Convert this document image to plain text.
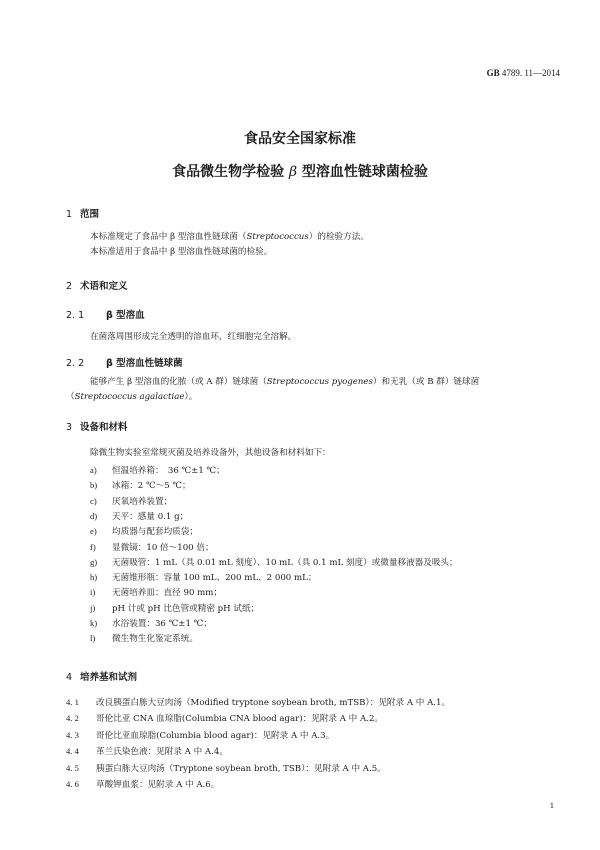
GB 4789. 11—2014
食品安全国家标准
食品微生物学检验 β 型溶血性链球菌检验
1 范围
本标准规定了食品中 β 型溶血性链球菌（Streptococcus）的检验方法。
本标准适用于食品中 β 型溶血性链球菌的检验。
2 术语和定义
2. 1 β 型溶血
在菌落周围形成完全透明的溶血环，红细胞完全溶解。
2. 2 β 型溶血性链球菌
能够产生 β 型溶血的化脓（或 A 群）链球菌（Streptococcus pyogenes）和无乳（或 B 群）链球菌
（Streptococcus agalactiae）。
3 设备和材料
除微生物实验室常规灭菌及培养设备外，其他设备和材料如下：
a) 恒温培养箱：　36 ℃±1 ℃；
b) 冰箱：2 ℃～5 ℃；
c) 厌氧培养装置；
d) 天平：感量 0.1 g；
e) 均质器与配套均质袋；
f) 显微镜：10 倍～100 倍；
g) 无菌吸管：1 mL（具 0.01 mL 刻度）、10 mL（具 0.1 mL 刻度）或微量移液器及吸头；
h) 无菌锥形瓶：容量 100 mL、200 mL、2 000 mL；
i) 无菌培养皿：直径 90 mm；
j) pH 计或 pH 比色管或精密 pH 试纸；
k) 水浴装置：36 ℃±1 ℃；
l) 微生物生化鉴定系统。
4 培养基和试剂
4. 1 改良胰蛋白胨大豆肉汤（Modified tryptone soybean broth, mTSB）：见附录 A 中 A.1。
4. 2 哥伦比亚 CNA 血琼脂(Columbia CNA blood agar)：见附录 A 中 A.2。
4. 3 哥伦比亚血琼脂(Columbia blood agar)：见附录 A 中 A.3。
4. 4 革兰氏染色液：见附录 A 中 A.4。
4. 5 胰蛋白胨大豆肉汤（Tryptone soybean broth, TSB）：见附录 A 中 A.5。
4. 6 草酸钾血浆：见附录 A 中 A.6。
1
